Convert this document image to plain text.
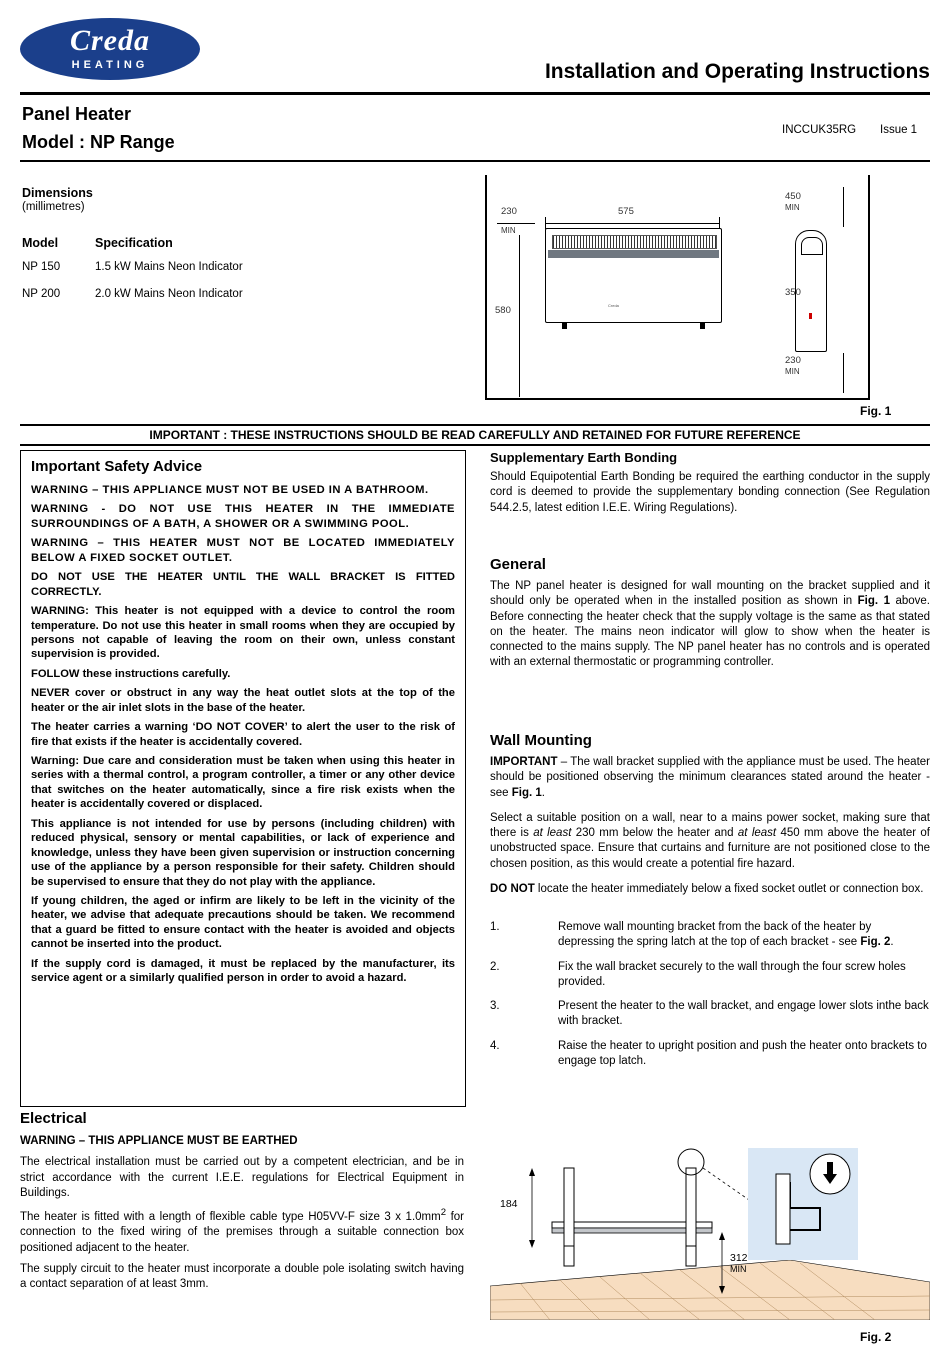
Creda
HEATING	Installation and Operating Instructions
Panel Heater
Model : NP Range
INCCUK35RG Issue 1
Dimensions
(millimetres)
Model	Specification
NP 150	1.5 kW Mains Neon Indicator
NP 200	2.0 kW Mains Neon Indicator
Creda
575
230
MIN
580
450
MIN
350
230
MIN
Fig. 1
IMPORTANT : THESE INSTRUCTIONS SHOULD BE READ CAREFULLY AND RETAINED FOR FUTURE REFERENCE
Important Safety Advice

WARNING – THIS APPLIANCE MUST NOT BE USED IN A BATHROOM.

WARNING - DO NOT USE THIS HEATER IN THE IMMEDIATE SURROUNDINGS OF A BATH, A SHOWER OR A SWIMMING POOL.

WARNING – THIS HEATER MUST NOT BE LOCATED IMMEDIATELY BELOW A FIXED SOCKET OUTLET.

DO NOT USE THE HEATER UNTIL THE WALL BRACKET IS FITTED CORRECTLY.

WARNING: This heater is not equipped with a device to control the room temperature. Do not use this heater in small rooms when they are occupied by persons not capable of leaving the room on their own, unless constant supervision is provided.

FOLLOW these instructions carefully.

NEVER cover or obstruct in any way the heat outlet slots at the top of the heater or the air inlet slots in the base of the heater.

The heater carries a warning ‘DO NOT COVER’ to alert the user to the risk of fire that exists if the heater is accidentally covered.

Warning: Due care and consideration must be taken when using this heater in series with a thermal control, a program controller, a timer or any other device that switches on the heater automatically, since a fire risk exists when the heater is accidentally covered or displaced.

This appliance is not intended for use by persons (including children) with reduced physical, sensory or mental capabilities, or lack of experience and knowledge, unless they have been given supervision or instruction concerning use of the appliance by a person responsible for their safety. Children should be supervised to ensure that they do not play with the appliance.

If young children, the aged or infirm are likely to be left in the vicinity of the heater, we advise that adequate precautions should be taken. We recommend that a guard be fitted to ensure contact with the heater is avoided and objects cannot be inserted into the product.

If the supply cord is damaged, it must be replaced by the manufacturer, its service agent or a similarly qualified person in order to avoid a hazard.

Electrical

WARNING – THIS APPLIANCE MUST BE EARTHED

The electrical installation must be carried out by a competent electrician, and be in strict accordance with the current I.E.E. regulations for Electrical Equipment in Buildings.

The heater is fitted with a length of flexible cable type H05VV-F size 3 x $1.0mm^2$ for connection to the fixed wiring of the premises through a suitable connection box positioned adjacent to the heater.

The supply circuit to the heater must incorporate a double pole isolating switch having a contact separation of at least 3mm.

Supplementary Earth Bonding

Should Equipotential Earth Bonding be required the earthing conductor in the supply cord is deemed to provide the supplementary bonding connection (See Regulation 544.2.5, latest edition I.E.E. Wiring Regulations).

General

The NP panel heater is designed for wall mounting on the bracket supplied and it should only be operated when in the installed position as shown in Fig. 1 above. Before connecting the heater check that the supply voltage is the same as that stated on the heater. The mains neon indicator will glow to show when the heater is connected to the mains supply. The NP panel heater has no controls and is operated with an external thermostatic or programming controller.

Wall Mounting

IMPORTANT – The wall bracket supplied with the appliance must be used. The heater should be positioned observing the minimum clearances stated around the heater - see Fig. 1.

Select a suitable position on a wall, near to a mains power socket, making sure that there is at least 230 mm below the heater and at least 450 mm above the heater of unobstructed space. Ensure that curtains and furniture are not positioned close to the chosen position, as this would create a potential fire hazard.

DO NOT locate the heater immediately below a fixed socket outlet or connection box.

1.	Remove wall mounting bracket from the back of the heater by depressing the spring latch at the top of each bracket - see Fig. 2.
2.	Fix the wall bracket securely to the wall through the four screw holes provided.
3.	Present the heater to the wall bracket, and engage lower slots inthe back with bracket.
4.	Raise the heater to upright position and push the heater onto brackets to engage top latch.
184
312
MIN
Fig. 2
